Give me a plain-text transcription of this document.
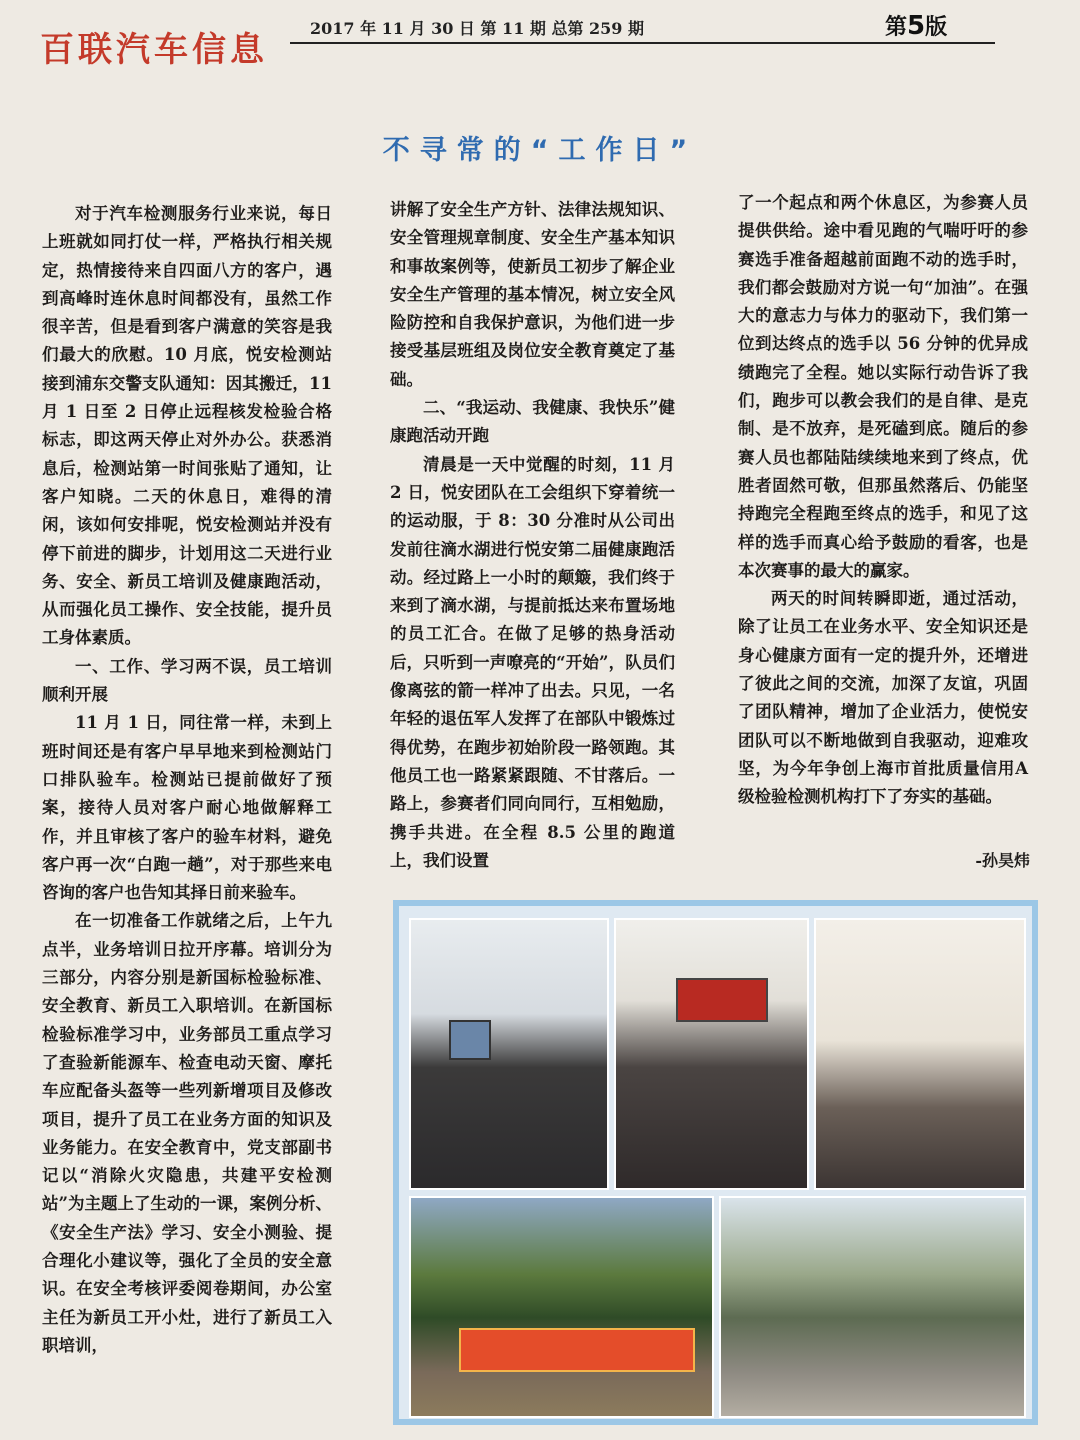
百联汽车信息
2017 年 11 月 30 日 第 11 期 总第 259 期	第5版
不寻常的“工作日”

对于汽车检测服务行业来说，每日上班就如同打仗一样，严格执行相关规定，热情接待来自四面八方的客户，遇到高峰时连休息时间都没有，虽然工作很辛苦，但是看到客户满意的笑容是我们最大的欣慰。10 月底，悦安检测站接到浦东交警支队通知：因其搬迁，11 月 1 日至 2 日停止远程核发检验合格标志，即这两天停止对外办公。获悉消息后，检测站第一时间张贴了通知，让客户知晓。二天的休息日，难得的清闲，该如何安排呢，悦安检测站并没有停下前进的脚步，计划用这二天进行业务、安全、新员工培训及健康跑活动，从而强化员工操作、安全技能，提升员工身体素质。

一、工作、学习两不误，员工培训顺利开展

11 月 1 日，同往常一样，未到上班时间还是有客户早早地来到检测站门口排队验车。检测站已提前做好了预案，接待人员对客户耐心地做解释工作，并且审核了客户的验车材料，避免客户再一次“白跑一趟”，对于那些来电咨询的客户也告知其择日前来验车。

在一切准备工作就绪之后，上午九点半，业务培训日拉开序幕。培训分为三部分，内容分别是新国标检验标准、安全教育、新员工入职培训。在新国标检验标准学习中，业务部员工重点学习了查验新能源车、检查电动天窗、摩托车应配备头盔等一些列新增项目及修改项目，提升了员工在业务方面的知识及业务能力。在安全教育中，党支部副书记以“消除火灾隐患，共建平安检测站”为主题上了生动的一课，案例分析、《安全生产法》学习、安全小测验、提合理化小建议等，强化了全员的安全意识。在安全考核评委阅卷期间，办公室主任为新员工开小灶，进行了新员工入职培训，

讲解了安全生产方针、法律法规知识、安全管理规章制度、安全生产基本知识和事故案例等，使新员工初步了解企业安全生产管理的基本情况，树立安全风险防控和自我保护意识，为他们进一步接受基层班组及岗位安全教育奠定了基础。

二、“我运动、我健康、我快乐”健康跑活动开跑

清晨是一天中觉醒的时刻，11 月 2 日，悦安团队在工会组织下穿着统一的运动服，于 8：30 分准时从公司出发前往滴水湖进行悦安第二届健康跑活动。经过路上一小时的颠簸，我们终于来到了滴水湖，与提前抵达来布置场地的员工汇合。在做了足够的热身活动后，只听到一声嘹亮的“开始”，队员们像离弦的箭一样冲了出去。只见，一名年轻的退伍军人发挥了在部队中锻炼过得优势，在跑步初始阶段一路领跑。其他员工也一路紧紧跟随、不甘落后。一路上，参赛者们同向同行，互相勉励，携手共进。在全程 8.5 公里的跑道上，我们设置

了一个起点和两个休息区，为参赛人员提供供给。途中看见跑的气喘吁吁的参赛选手准备超越前面跑不动的选手时，我们都会鼓励对方说一句“加油”。在强大的意志力与体力的驱动下，我们第一位到达终点的选手以 56 分钟的优异成绩跑完了全程。她以实际行动告诉了我们，跑步可以教会我们的是自律、是克制、是不放弃，是死磕到底。随后的参赛人员也都陆陆续续地来到了终点，优胜者固然可敬，但那虽然落后、仍能坚持跑完全程跑至终点的选手，和见了这样的选手而真心给予鼓励的看客，也是本次赛事的最大的赢家。

两天的时间转瞬即逝，通过活动，除了让员工在业务水平、安全知识还是身心健康方面有一定的提升外，还增进了彼此之间的交流，加深了友谊，巩固了团队精神，增加了企业活力，使悦安团队可以不断地做到自我驱动，迎难攻坚，为今年争创上海市首批质量信用A级检验检测机构打下了夯实的基础。

-孙昊炜
